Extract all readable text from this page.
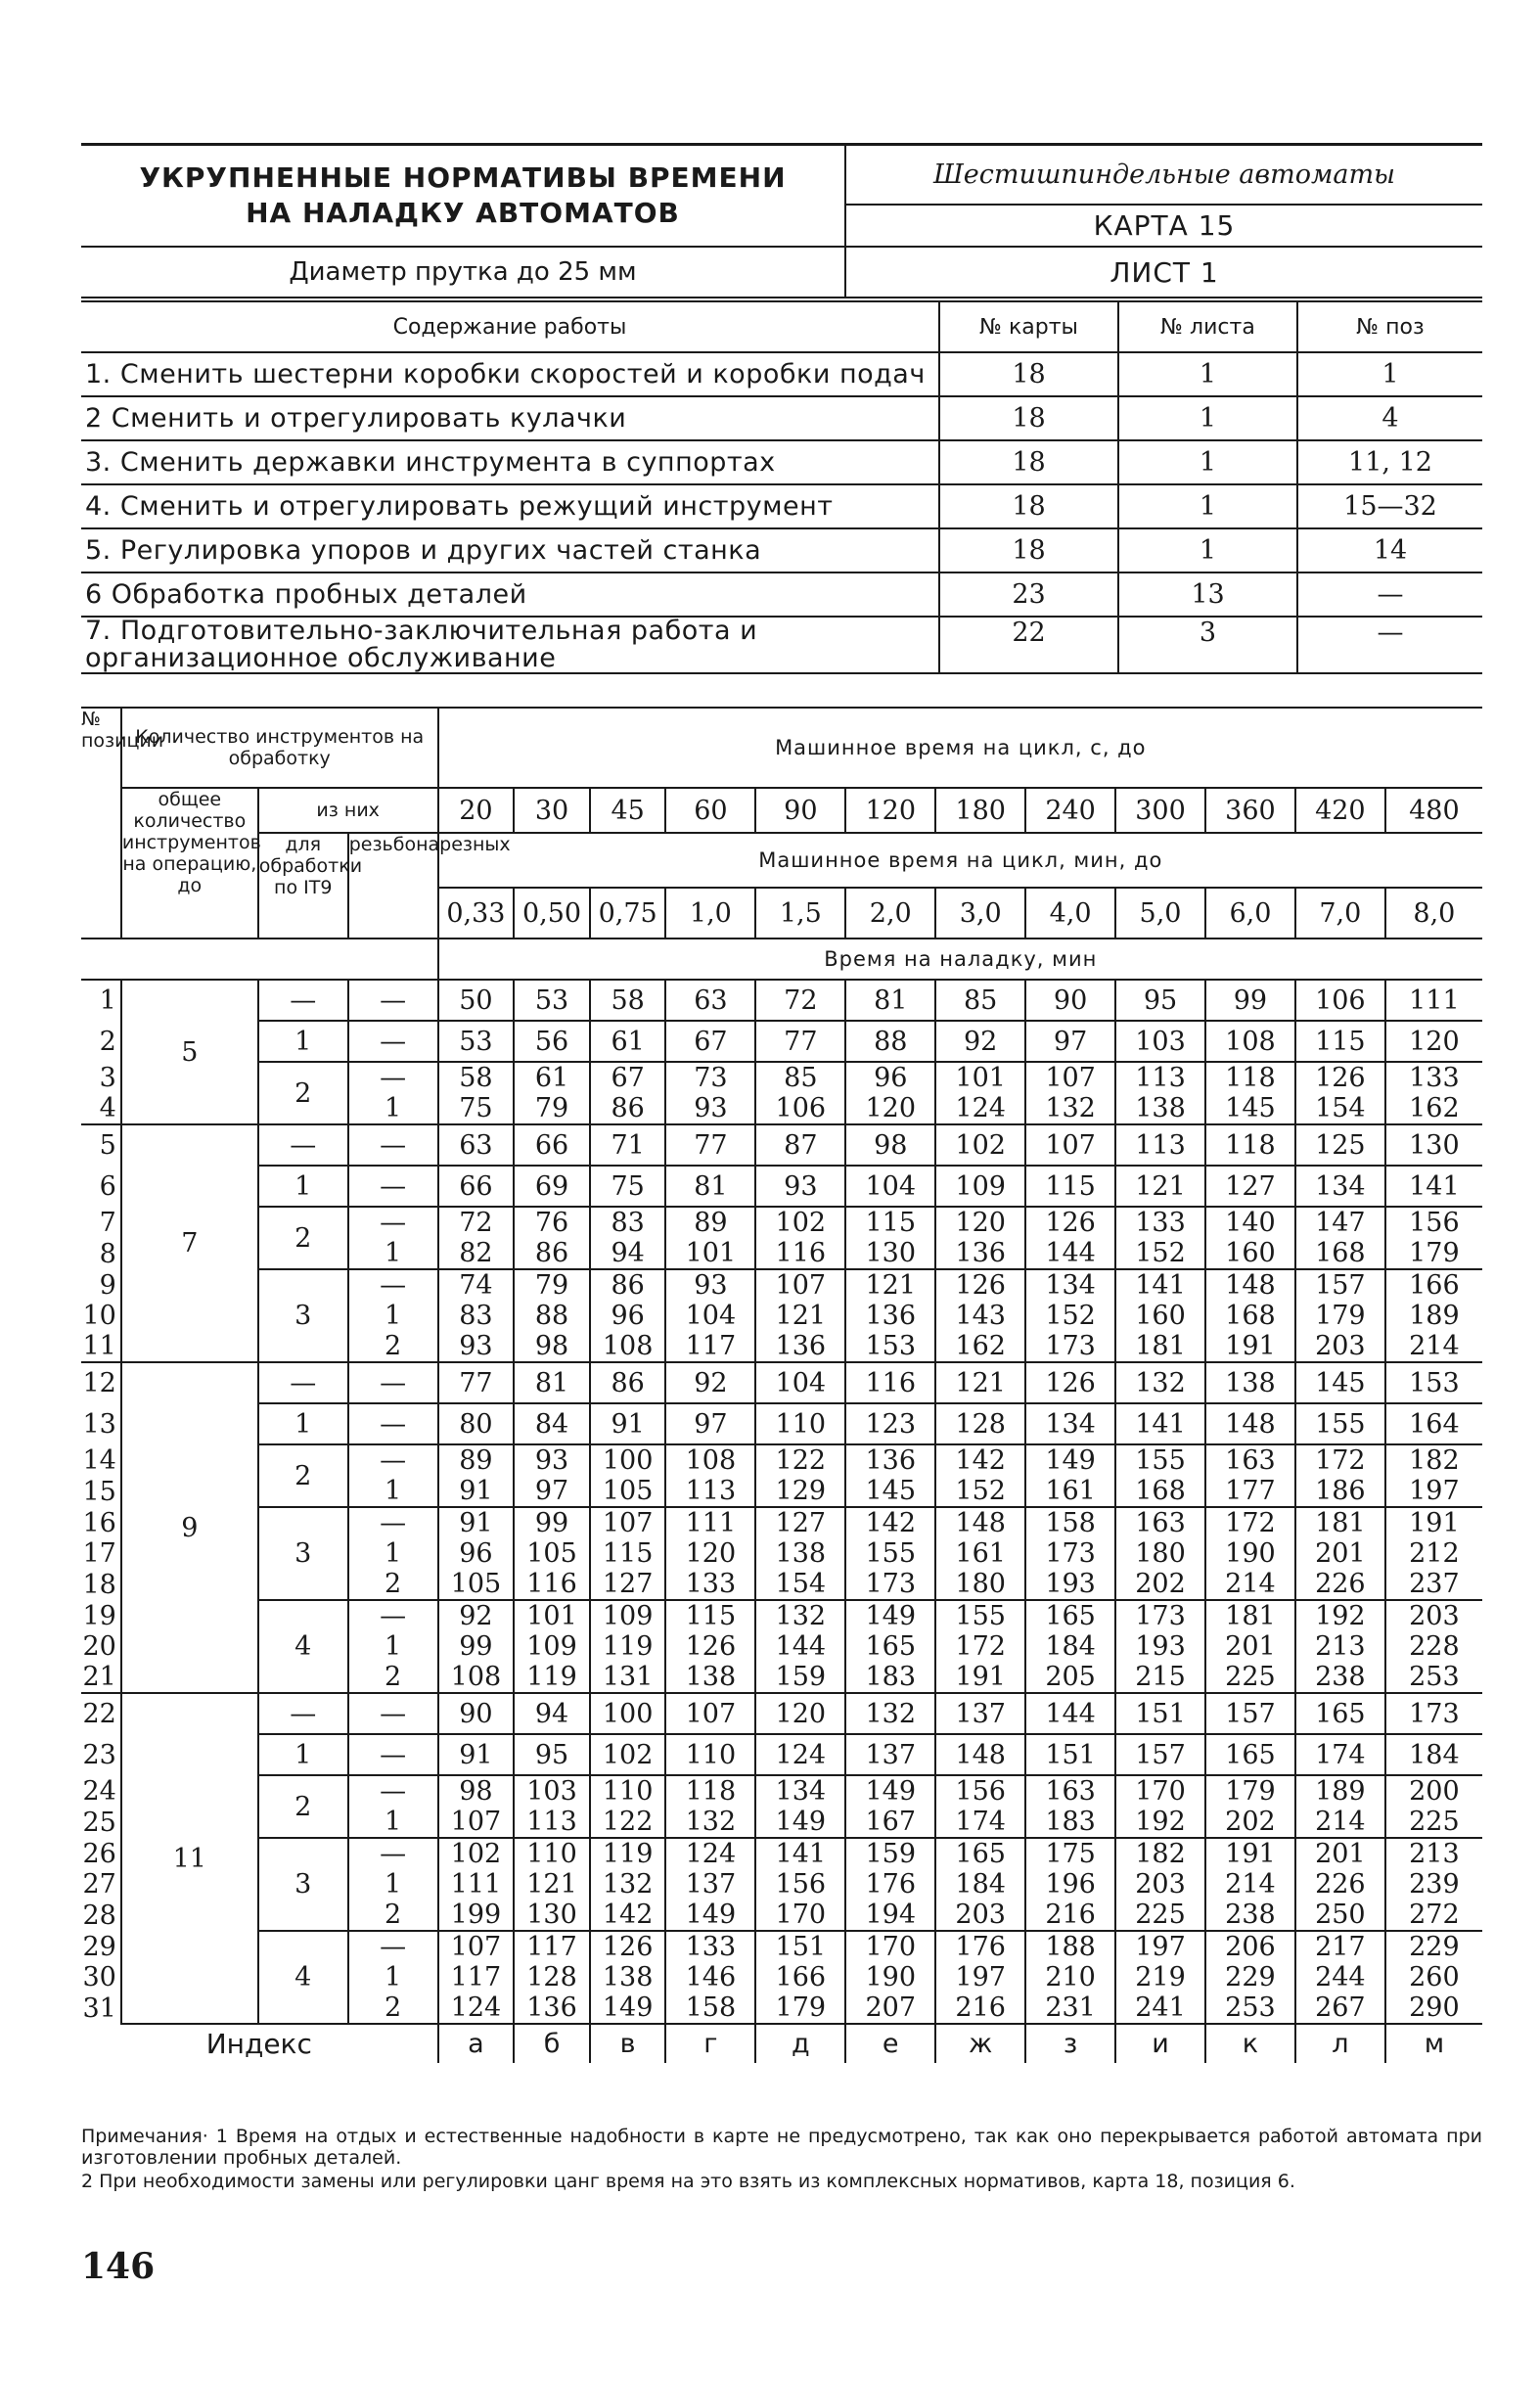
УКРУПНЕННЫЕ НОРМАТИВЫ ВРЕМЕНИ
НА НАЛАДКУ АВТОМАТОВ
Шестишпиндельные автоматы
КАРТА 15
Диаметр прутка до 25 мм	ЛИСТ 1
Содержание работы	№ карты	№ листа	№ поз
1. Сменить шестерни коробки скоростей и коробки подач	18	1	1
2 Сменить и отрегулировать кулачки	18	1	4
3. Сменить державки инструмента в суппортах	18	1	11, 12
4. Сменить и отрегулировать режущий инструмент	18	1	15—32
5. Регулировка упоров и других частей станка	18	1	14
6 Обработка пробных деталей	23	13	—
7. Подготовительно-заключительная работа и организационное обслуживание	22	3	—
№ позиции	Количество инструментов на обработку			Машинное время на цикл, с, до											
	общее количество инструментов на операцию, до	из них		20	30	45	60	90	120	180	240	300	360	420	480
		для обработки по IT9	резьбонарезных	Машинное время на цикл, мин, до											
				0,33	0,50	0,75	1,0	1,5	2,0	3,0	4,0	5,0	6,0	7,0	8,0
				Время на наладку, мин											
1	5	—	—	50	53	58	63	72	81	85	90	95	99	106	111
2		1	—	53	56	61	67	77	88	92	97	103	108	115	120
3		2	—	58	61	67	73	85	96	101	107	113	118	126	133
4			1	75	79	86	93	106	120	124	132	138	145	154	162
5	7	—	—	63	66	71	77	87	98	102	107	113	118	125	130
6		1	—	66	69	75	81	93	104	109	115	121	127	134	141
7		2	—	72	76	83	89	102	115	120	126	133	140	147	156
8			1	82	86	94	101	116	130	136	144	152	160	168	179
9		3	—	74	79	86	93	107	121	126	134	141	148	157	166
10			1	83	88	96	104	121	136	143	152	160	168	179	189
11			2	93	98	108	117	136	153	162	173	181	191	203	214
12	9	—	—	77	81	86	92	104	116	121	126	132	138	145	153
13		1	—	80	84	91	97	110	123	128	134	141	148	155	164
14		2	—	89	93	100	108	122	136	142	149	155	163	172	182
15			1	91	97	105	113	129	145	152	161	168	177	186	197
16		3	—	91	99	107	111	127	142	148	158	163	172	181	191
17			1	96	105	115	120	138	155	161	173	180	190	201	212
18			2	105	116	127	133	154	173	180	193	202	214	226	237
19		4	—	92	101	109	115	132	149	155	165	173	181	192	203
20			1	99	109	119	126	144	165	172	184	193	201	213	228
21			2	108	119	131	138	159	183	191	205	215	225	238	253
22	11	—	—	90	94	100	107	120	132	137	144	151	157	165	173
23		1	—	91	95	102	110	124	137	148	151	157	165	174	184
24		2	—	98	103	110	118	134	149	156	163	170	179	189	200
25			1	107	113	122	132	149	167	174	183	192	202	214	225
26		3	—	102	110	119	124	141	159	165	175	182	191	201	213
27			1	111	121	132	137	156	176	184	196	203	214	226	239
28			2	199	130	142	149	170	194	203	216	225	238	250	272
29		4	—	107	117	126	133	151	170	176	188	197	206	217	229
30			1	117	128	138	146	166	190	197	210	219	229	244	260
31			2	124	136	149	158	179	207	216	231	241	253	267	290
Индекс				а	б	в	г	д	е	ж	з	и	к	л	м
Примечания· 1 Время на отдых и естественные надобности в карте не предусмотрено, так как оно перекрывается работой автомата при изготовлении пробных деталей.
2 При необходимости замены или регулировки цанг время на это взять из комплексных нормативов, карта 18, позиция 6.
146
